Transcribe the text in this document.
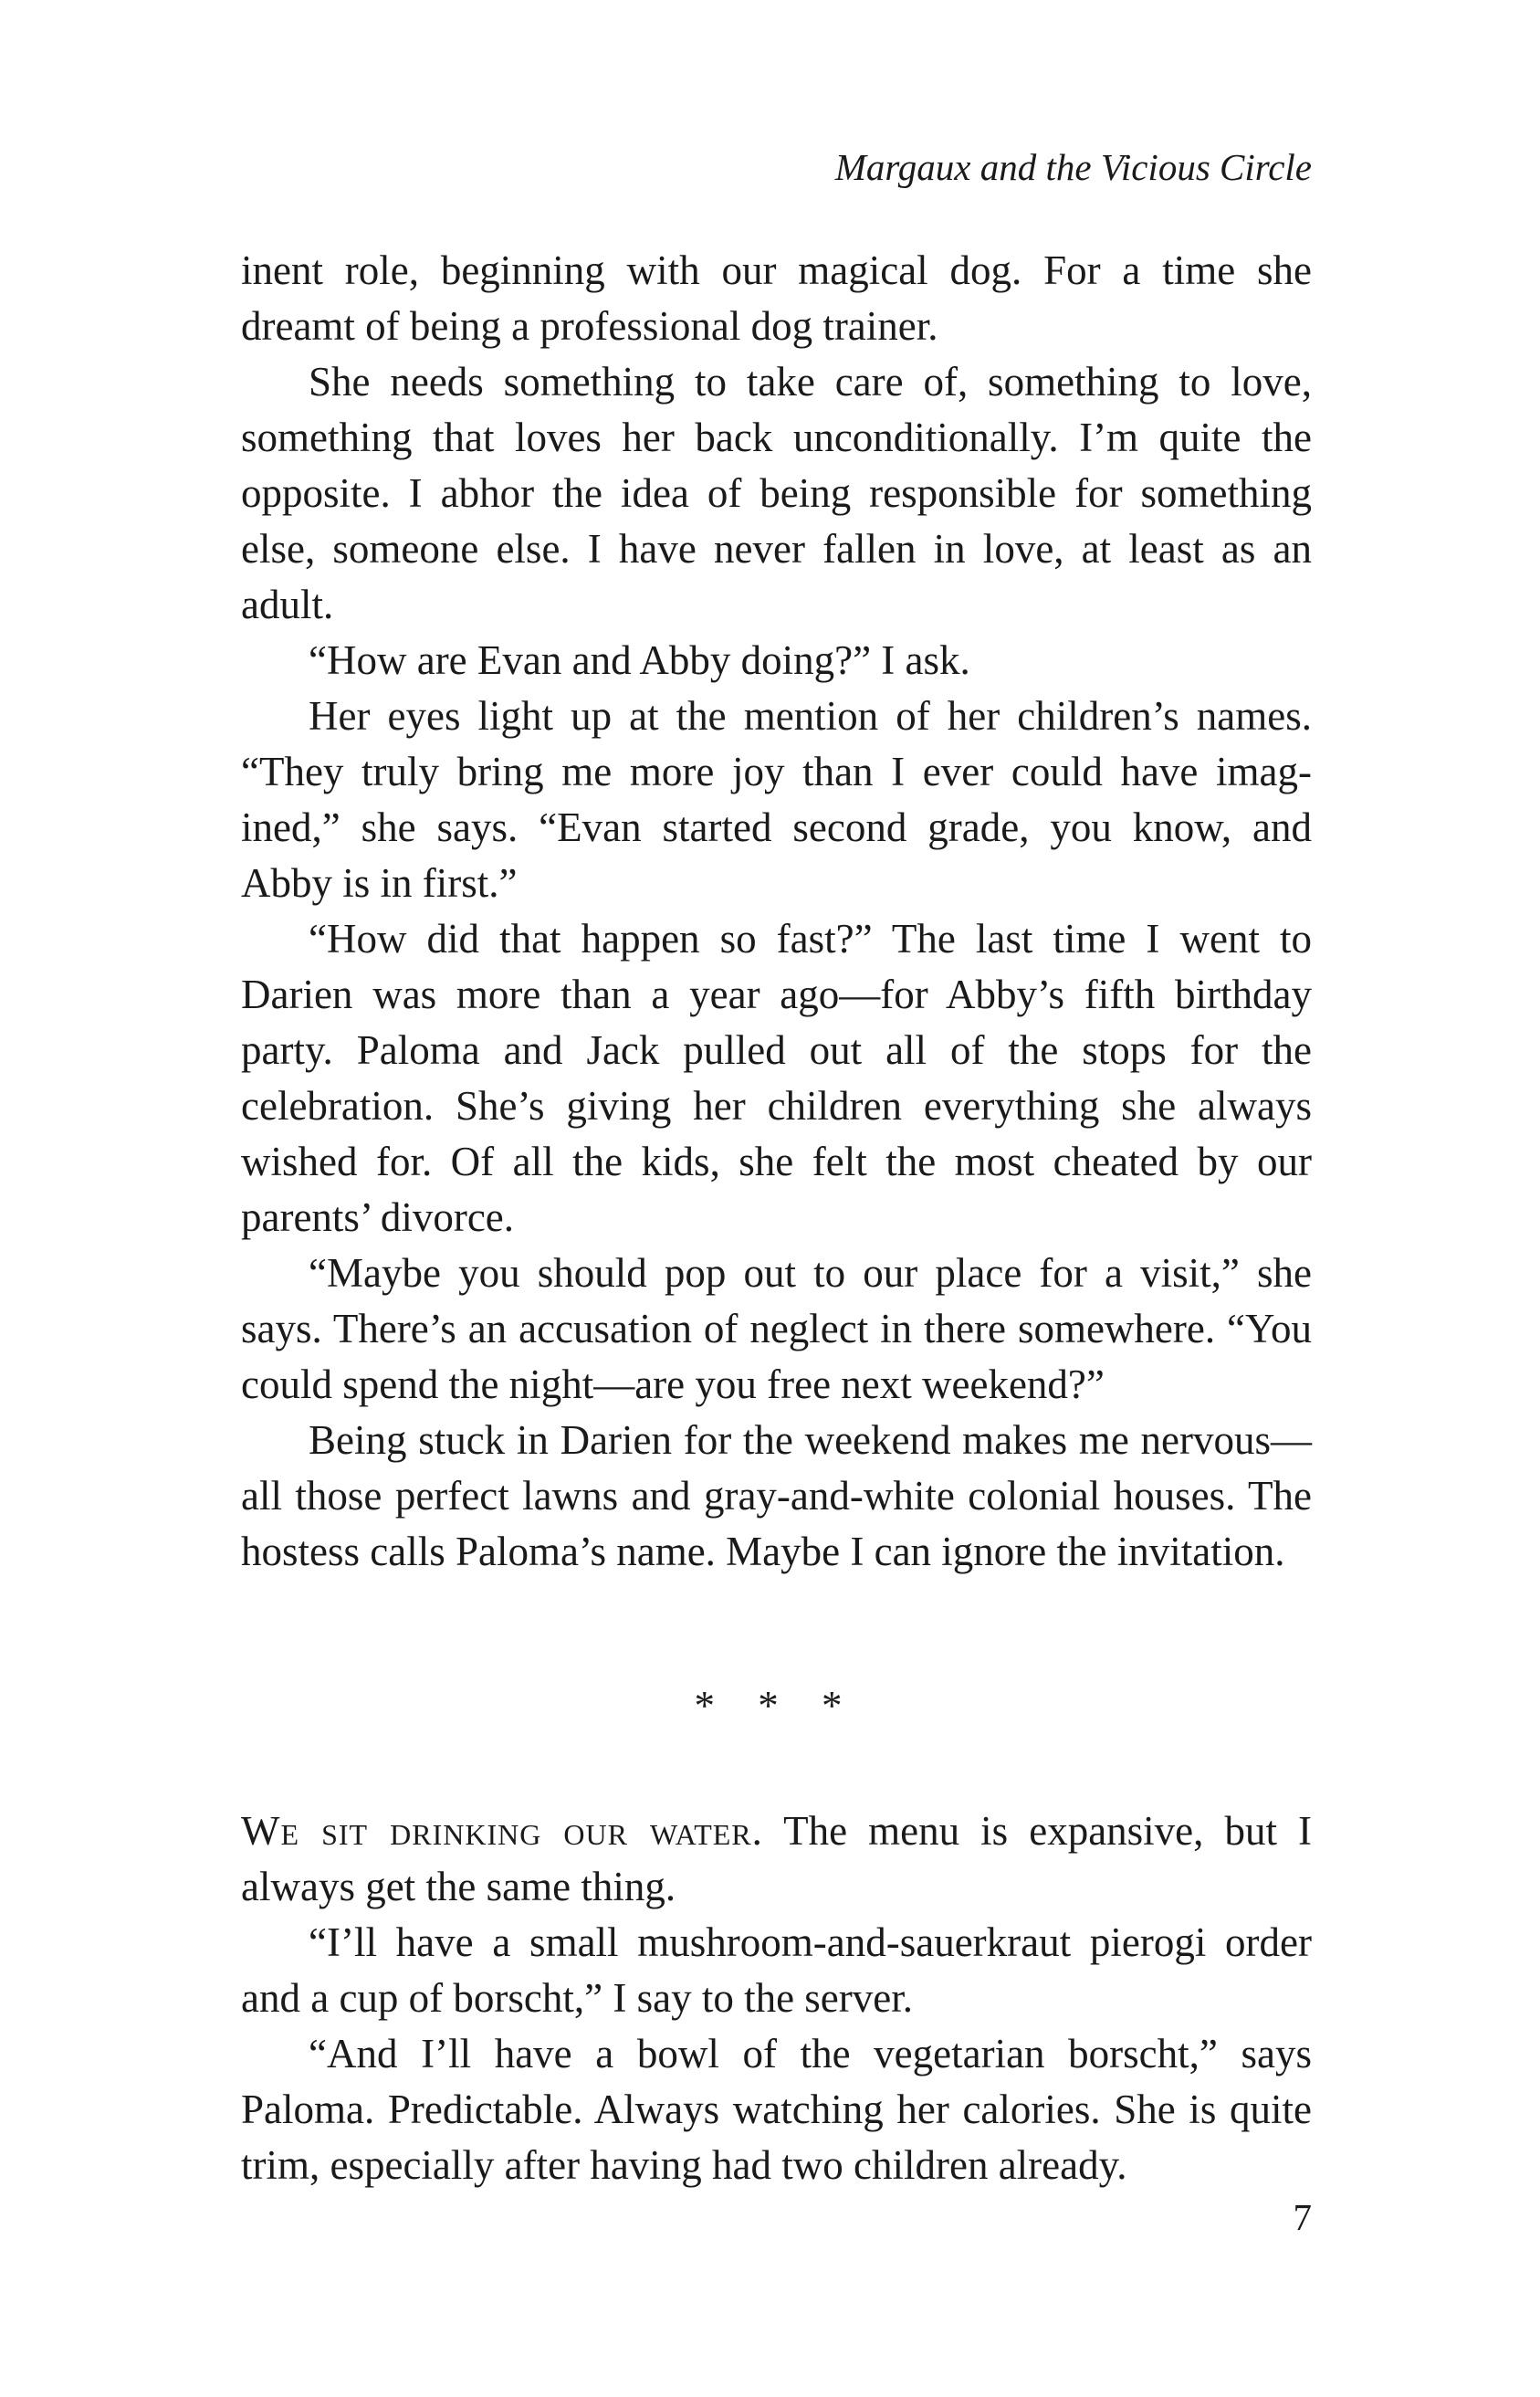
Margaux and the Vicious Circle

inent role, beginning with our magical dog. For a time she dreamt of being a professional dog trainer.

She needs something to take care of, something to love, something that loves her back unconditionally. I’m quite the opposite. I abhor the idea of being responsible for something else, someone else. I have never fallen in love, at least as an adult.

“How are Evan and Abby doing?” I ask.

Her eyes light up at the mention of her children’s names. “They truly bring me more joy than I ever could have imagined,” she says. “Evan started second grade, you know, and Abby is in first.”

“How did that happen so fast?” The last time I went to Darien was more than a year ago—for Abby’s fifth birthday party. Paloma and Jack pulled out all of the stops for the celebration. She’s giving her children everything she always wished for. Of all the kids, she felt the most cheated by our parents’ divorce.

“Maybe you should pop out to our place for a visit,” she says. There’s an accusation of neglect in there somewhere. “You could spend the night—are you free next weekend?”

Being stuck in Darien for the weekend makes me nervous—all those perfect lawns and gray-and-white colonial houses. The hostess calls Paloma’s name. Maybe I can ignore the invitation.

* * *

We sit drinking our water. The menu is expansive, but I always get the same thing.

“I’ll have a small mushroom-and-sauerkraut pierogi order and a cup of borscht,” I say to the server.

“And I’ll have a bowl of the vegetarian borscht,” says Paloma. Predictable. Always watching her calories. She is quite trim, especially after having had two children already.

7
